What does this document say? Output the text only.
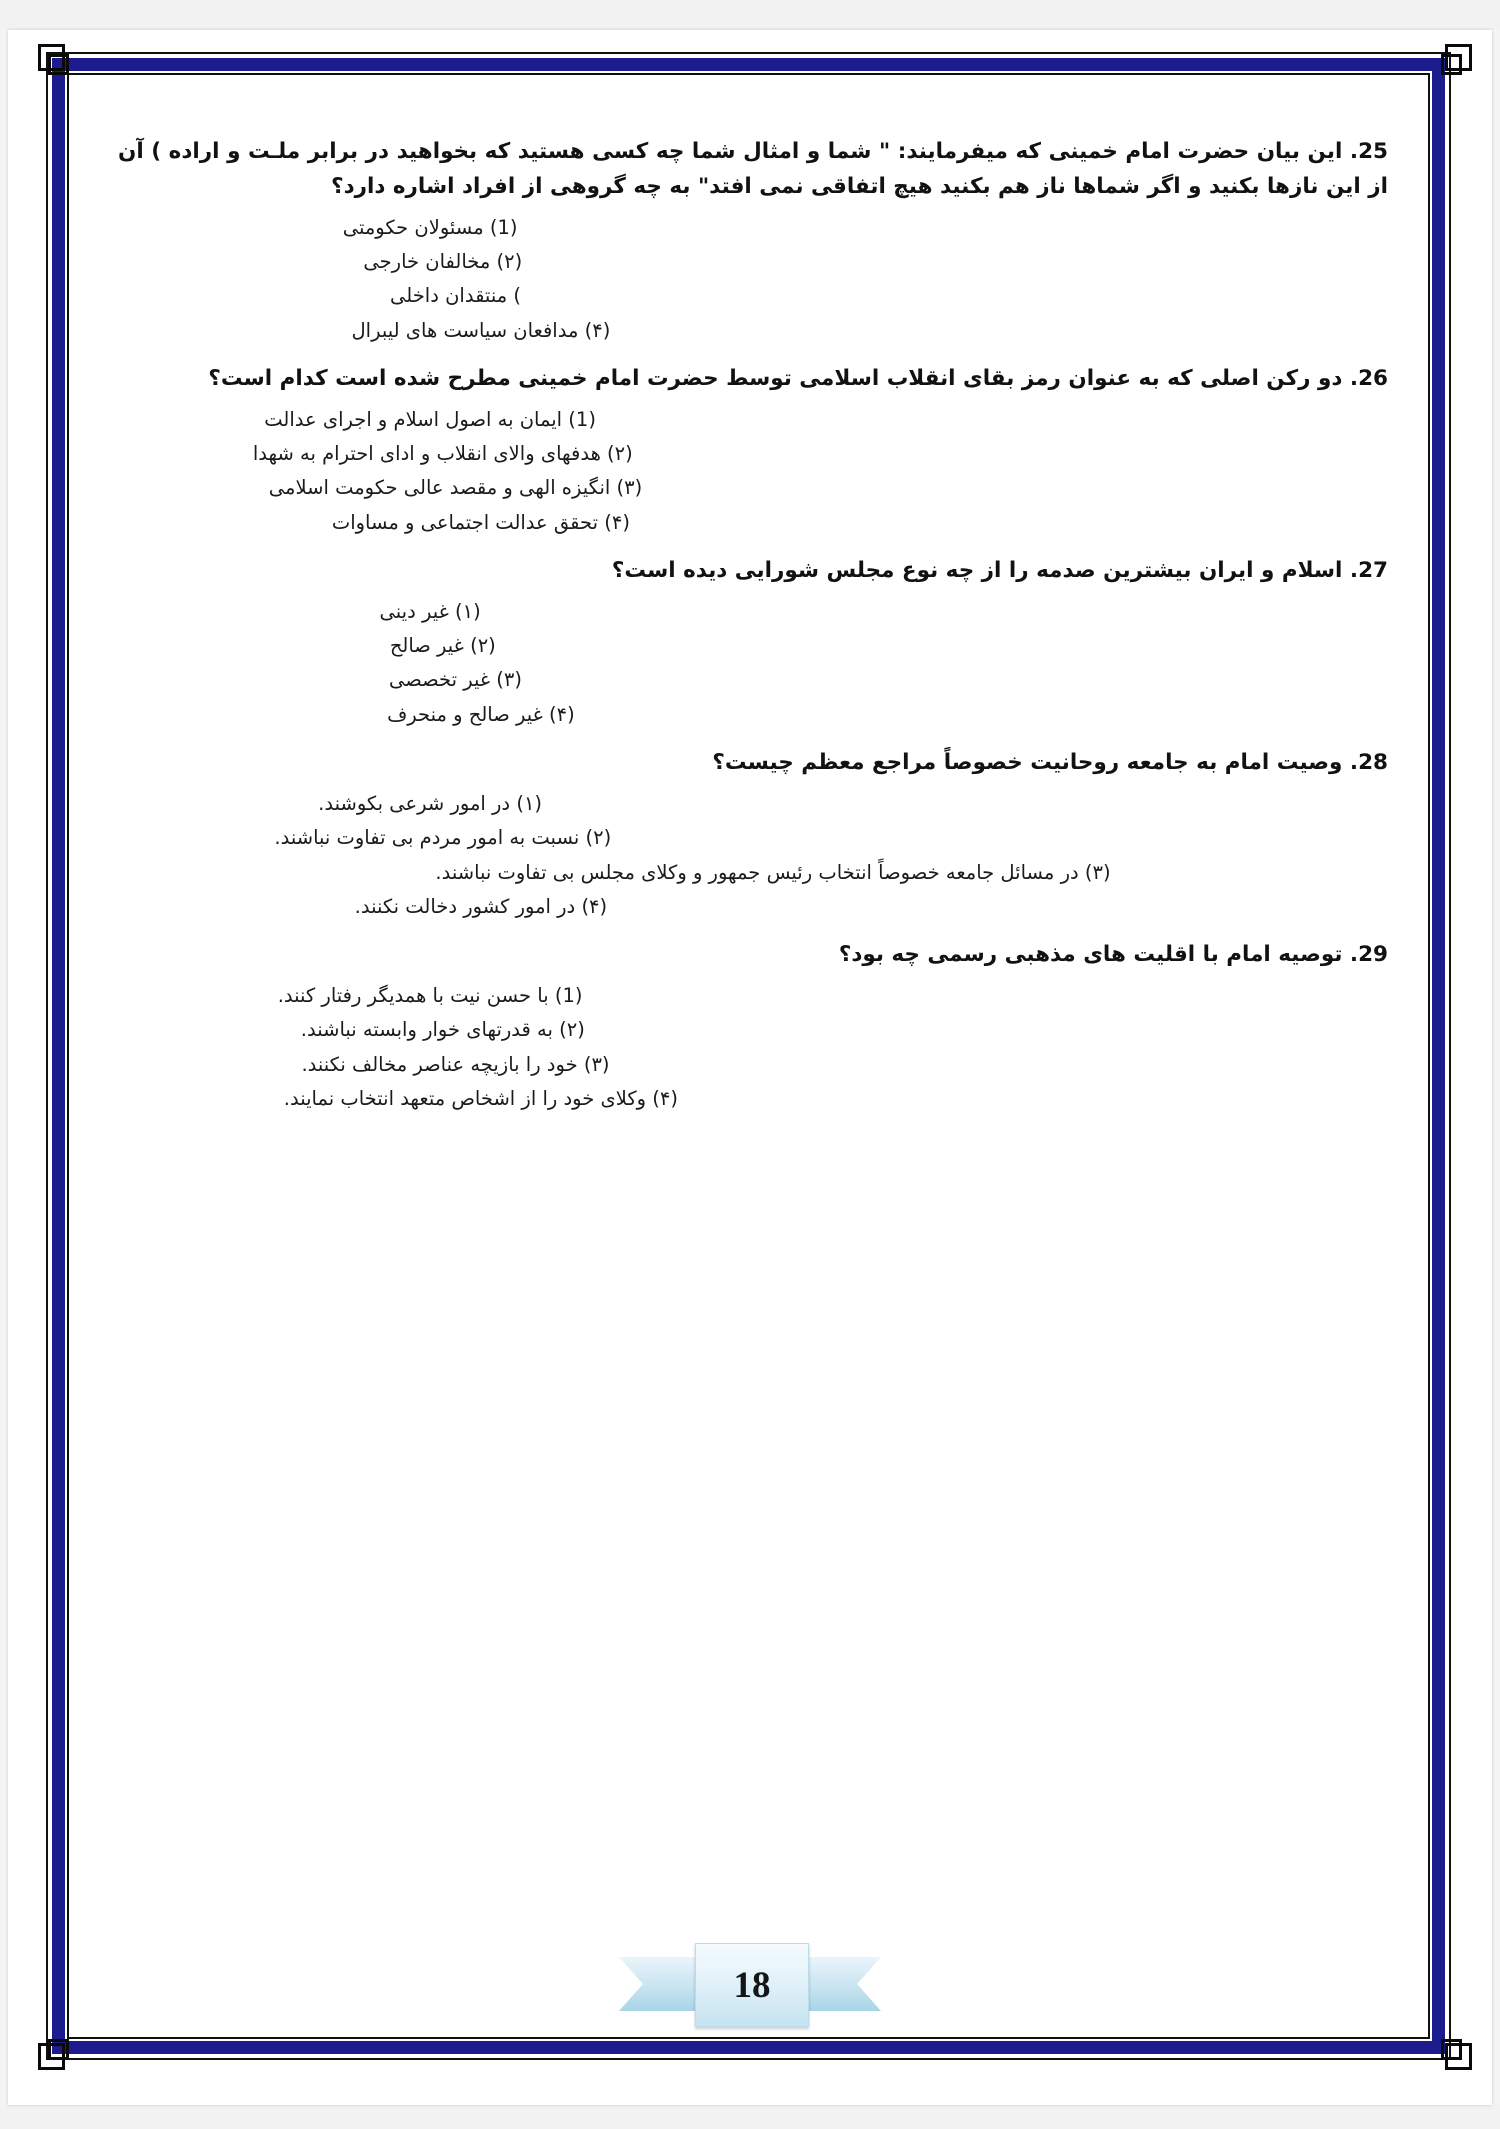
25. این بیان حضرت امام خمینی که میفرمایند: " شما و امثال شما چه کسی هستید که بخواهید در برابر ملـت و اراده ) آن از این نازها بکنید و اگر شماها ناز هم بکنید هیچ اتفاقی نمی افتد" به چه گروهی از افراد اشاره دارد؟

(1) مسئولان حکومتی

(۲) مخالفان خارجی

) منتقدان داخلی

(۴) مدافعان سیاست های لیبرال

26. دو رکن اصلی که به عنوان رمز بقای انقلاب اسلامی توسط حضرت امام خمینی مطرح شده است کدام است؟

(1) ایمان به اصول اسلام و اجرای عدالت

(۲) هدفهای والای انقلاب و ادای احترام به شهدا

(۳) انگیزه الهی و مقصد عالی حکومت اسلامی

(۴) تحقق عدالت اجتماعی و مساوات

27. اسلام و ایران بیشترین صدمه را از چه نوع مجلس شورایی دیده است؟

(۱) غیر دینی

(۲) غیر صالح

(۳) غیر تخصصی

(۴) غیر صالح و منحرف

28. وصیت امام به جامعه روحانیت خصوصاً مراجع معظم چیست؟

(۱) در امور شرعی بکوشند.

(۲) نسبت به امور مردم بی تفاوت نباشند.

(۳) در مسائل جامعه خصوصاً انتخاب رئیس جمهور و وکلای مجلس بی تفاوت نباشند.

(۴) در امور کشور دخالت نکنند.

29. توصیه امام با اقلیت های مذهبی رسمی چه بود؟

(1) با حسن نیت با همدیگر رفتار کنند.

(۲) به قدرتهای خوار وابسته نباشند.

(۳) خود را بازیچه عناصر مخالف نکنند.

(۴) وکلای خود را از اشخاص متعهد انتخاب نمایند.

18
